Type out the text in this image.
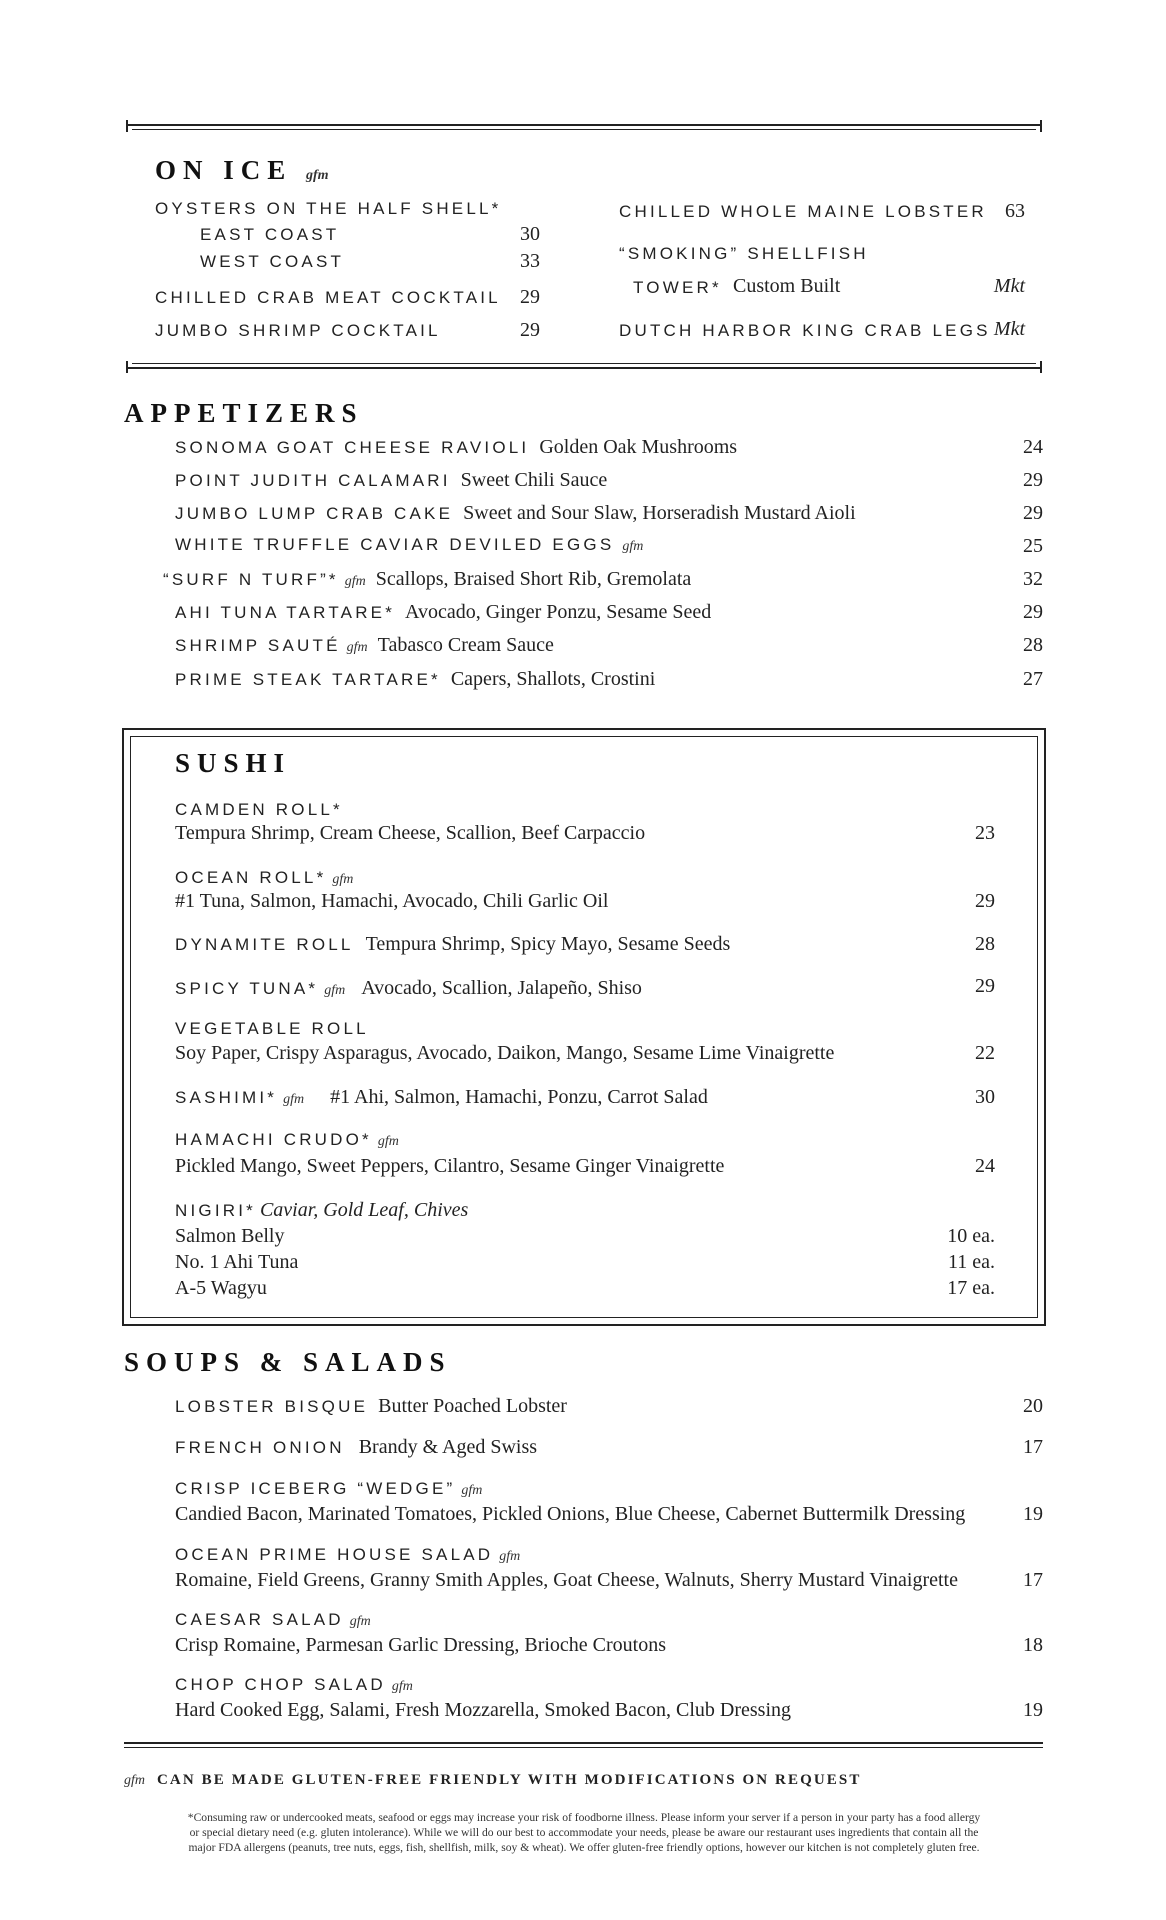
ON ICE gfm
OYSTERS ON THE HALF SHELL*
EAST COAST	30
WEST COAST	33
CHILLED CRAB MEAT COCKTAIL 29
JUMBO SHRIMP COCKTAIL	29
CHILLED WHOLE MAINE LOBSTER 63
“SMOKING” SHELLFISH
TOWER* Custom Built	Mkt
DUTCH HARBOR KING CRAB LEGS Mkt
APPETIZERS
SONOMA GOAT CHEESE RAVIOLI Golden Oak Mushrooms	24
POINT JUDITH CALAMARI Sweet Chili Sauce	29
JUMBO LUMP CRAB CAKE Sweet and Sour Slaw, Horseradish Mustard Aioli	29
WHITE TRUFFLE CAVIAR DEVILED EGGS gfm	25
“SURF N TURF”* gfm Scallops, Braised Short Rib, Gremolata	32
AHI TUNA TARTARE* Avocado, Ginger Ponzu, Sesame Seed	29
SHRIMP SAUTÉ gfm Tabasco Cream Sauce	28
PRIME STEAK TARTARE* Capers, Shallots, Crostini	27
SUSHI
CAMDEN ROLL*
Tempura Shrimp, Cream Cheese, Scallion, Beef Carpaccio	23
OCEAN ROLL* gfm
#1 Tuna, Salmon, Hamachi, Avocado, Chili Garlic Oil	29
DYNAMITE ROLL Tempura Shrimp, Spicy Mayo, Sesame Seeds	28
SPICY TUNA* gfm Avocado, Scallion, Jalapeño, Shiso	29
VEGETABLE ROLL
Soy Paper, Crispy Asparagus, Avocado, Daikon, Mango, Sesame Lime Vinaigrette	22
SASHIMI* gfm #1 Ahi, Salmon, Hamachi, Ponzu, Carrot Salad	30
HAMACHI CRUDO* gfm
Pickled Mango, Sweet Peppers, Cilantro, Sesame Ginger Vinaigrette	24
NIGIRI* Caviar, Gold Leaf, Chives
Salmon Belly	10 ea.
No. 1 Ahi Tuna	11 ea.
A-5 Wagyu	17 ea.
SOUPS & SALADS
LOBSTER BISQUE Butter Poached Lobster	20
FRENCH ONION Brandy & Aged Swiss	17
CRISP ICEBERG “WEDGE” gfm
Candied Bacon, Marinated Tomatoes, Pickled Onions, Blue Cheese, Cabernet Buttermilk Dressing	19
OCEAN PRIME HOUSE SALAD gfm
Romaine, Field Greens, Granny Smith Apples, Goat Cheese, Walnuts, Sherry Mustard Vinaigrette	17
CAESAR SALAD gfm
Crisp Romaine, Parmesan Garlic Dressing, Brioche Croutons	18
CHOP CHOP SALAD gfm
Hard Cooked Egg, Salami, Fresh Mozzarella, Smoked Bacon, Club Dressing	19
gfm CAN BE MADE GLUTEN-FREE FRIENDLY WITH MODIFICATIONS ON REQUEST
*Consuming raw or undercooked meats, seafood or eggs may increase your risk of foodborne illness. Please inform your server if a person in your party has a food allergy
or special dietary need (e.g. gluten intolerance). While we will do our best to accommodate your needs, please be aware our restaurant uses ingredients that contain all the
major FDA allergens (peanuts, tree nuts, eggs, fish, shellfish, milk, soy & wheat). We offer gluten-free friendly options, however our kitchen is not completely gluten free.
